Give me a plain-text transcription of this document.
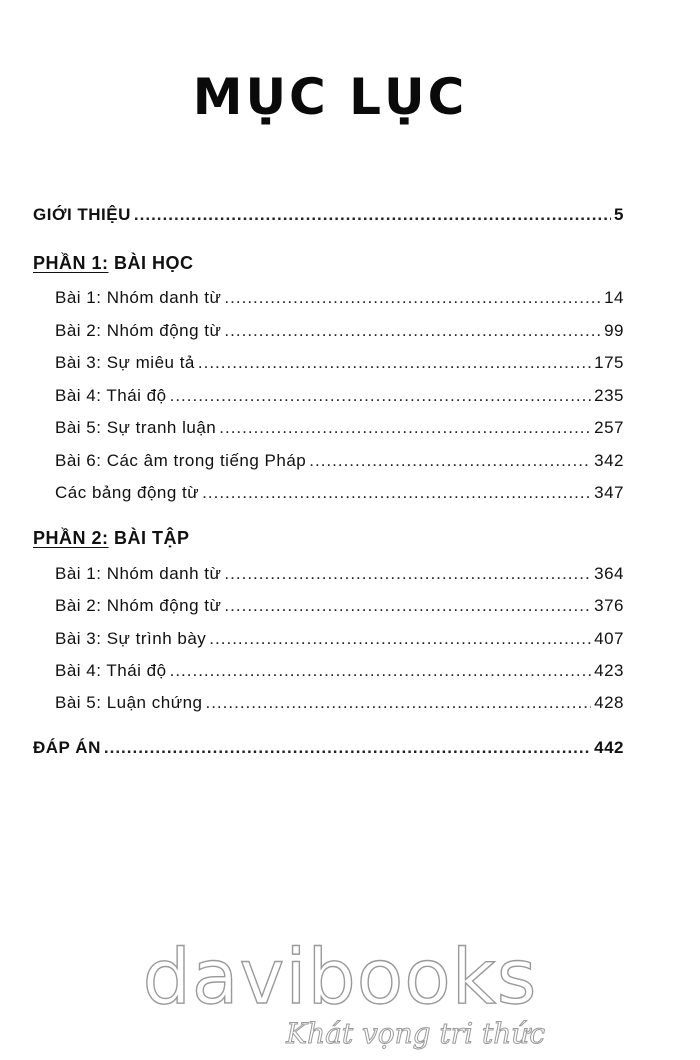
MỤC LỤC
GIỚI THIỆU .....	5
PHẦN 1: BÀI HỌC
Bài 1: Nhóm danh từ .....	14
Bài 2: Nhóm động từ .....	99
Bài 3: Sự miêu tả .....	175
Bài 4: Thái độ .....	235
Bài 5: Sự tranh luận .....	257
Bài 6: Các âm trong tiếng Pháp .....	342
Các bảng động từ .....	347
PHẦN 2: BÀI TẬP
Bài 1: Nhóm danh từ .....	364
Bài 2: Nhóm động từ .....	376
Bài 3: Sự trình bày .....	407
Bài 4: Thái độ .....	423
Bài 5: Luận chứng .....	428
ĐÁP ÁN .....	442
davibooks
Khát vọng tri thức
